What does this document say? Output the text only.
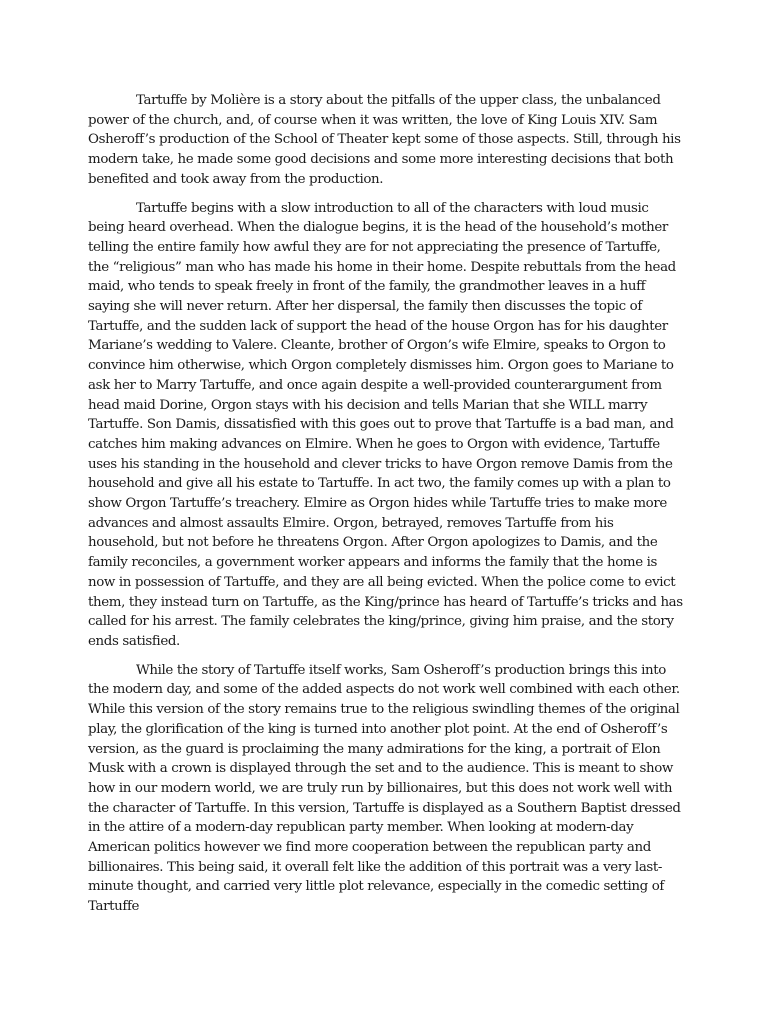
Tartuffe by Molière is a story about the pitfalls of the upper class, the unbalanced power of the church, and, of course when it was written, the love of King Louis XIV. Sam Osheroff’s production of the School of Theater kept some of those aspects. Still, through his modern take, he made some good decisions and some more interesting decisions that both benefited and took away from the production.

Tartuffe begins with a slow introduction to all of the characters with loud music being heard overhead. When the dialogue begins, it is the head of the household’s mother telling the entire family how awful they are for not appreciating the presence of Tartuffe, the “religious” man who has made his home in their home. Despite rebuttals from the head maid, who tends to speak freely in front of the family, the grandmother leaves in a huff saying she will never return. After her dispersal, the family then discusses the topic of Tartuffe, and the sudden lack of support the head of the house Orgon has for his daughter Mariane’s wedding to Valere. Cleante, brother of Orgon’s wife Elmire, speaks to Orgon to convince him otherwise, which Orgon completely dismisses him. Orgon goes to Mariane to ask her to Marry Tartuffe, and once again despite a well-provided counterargument from head maid Dorine, Orgon stays with his decision and tells Marian that she WILL marry Tartuffe. Son Damis, dissatisfied with this goes out to prove that Tartuffe is a bad man, and catches him making advances on Elmire. When he goes to Orgon with evidence, Tartuffe uses his standing in the household and clever tricks to have Orgon remove Damis from the household and give all his estate to Tartuffe. In act two, the family comes up with a plan to show Orgon Tartuffe’s treachery. Elmire as Orgon hides while Tartuffe tries to make more advances and almost assaults Elmire. Orgon, betrayed, removes Tartuffe from his household, but not before he threatens Orgon. After Orgon apologizes to Damis, and the family reconciles, a government worker appears and informs the family that the home is now in possession of Tartuffe, and they are all being evicted. When the police come to evict them, they instead turn on Tartuffe, as the King/prince has heard of Tartuffe’s tricks and has called for his arrest. The family celebrates the king/prince, giving him praise, and the story ends satisfied.

While the story of Tartuffe itself works, Sam Osheroff’s production brings this into the modern day, and some of the added aspects do not work well combined with each other. While this version of the story remains true to the religious swindling themes of the original play, the glorification of the king is turned into another plot point. At the end of Osheroff’s version, as the guard is proclaiming the many admirations for the king, a portrait of Elon Musk with a crown is displayed through the set and to the audience. This is meant to show how in our modern world, we are truly run by billionaires, but this does not work well with the character of Tartuffe. In this version, Tartuffe is displayed as a Southern Baptist dressed in the attire of a modern-day republican party member. When looking at modern-day American politics however we find more cooperation between the republican party and billionaires. This being said, it overall felt like the addition of this portrait was a very last-minute thought, and carried very little plot relevance, especially in the comedic setting of Tartuffe
